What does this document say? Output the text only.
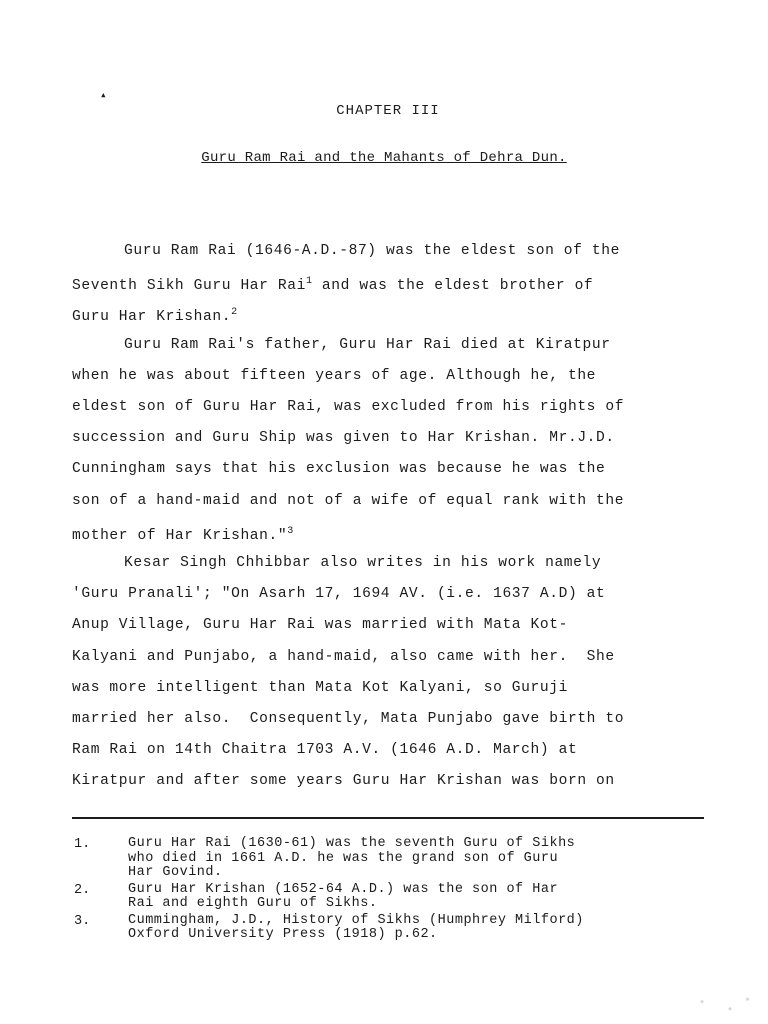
▴
CHAPTER III
Guru Ram Rai and the Mahants of Dehra Dun.
Guru Ram Rai (1646-A.D.-87) was the eldest son of the
Seventh Sikh Guru Har Rai$^1$ and was the eldest brother of
Guru Har Krishan.$^2$
Guru Ram Rai's father, Guru Har Rai died at Kiratpur
when he was about fifteen years of age. Although he, the
eldest son of Guru Har Rai, was excluded from his rights of
succession and Guru Ship was given to Har Krishan. Mr.J.D.
Cunningham says that his exclusion was because he was the
son of a hand-maid and not of a wife of equal rank with the
mother of Har Krishan."$^3$
Kesar Singh Chhibbar also writes in his work namely
'Guru Pranali'; "On Asarh 17, 1694 AV. (i.e. 1637 A.D) at
Anup Village, Guru Har Rai was married with Mata Kot-
Kalyani and Punjabo, a hand-maid, also came with her.  She
was more intelligent than Mata Kot Kalyani, so Guruji
married her also.  Consequently, Mata Punjabo gave birth to
Ram Rai on 14th Chaitra 1703 A.V. (1646 A.D. March) at
Kiratpur and after some years Guru Har Krishan was born on
1.	Guru Har Rai (1630-61) was the seventh Guru of Sikhs
who died in 1661 A.D. he was the grand son of Guru
Har Govind.
2.	Guru Har Krishan (1652-64 A.D.) was the son of Har
Rai and eighth Guru of Sikhs.
3.	Cummingham, J.D., History of Sikhs (Humphrey Milford)
Oxford University Press (1918) p.62.
